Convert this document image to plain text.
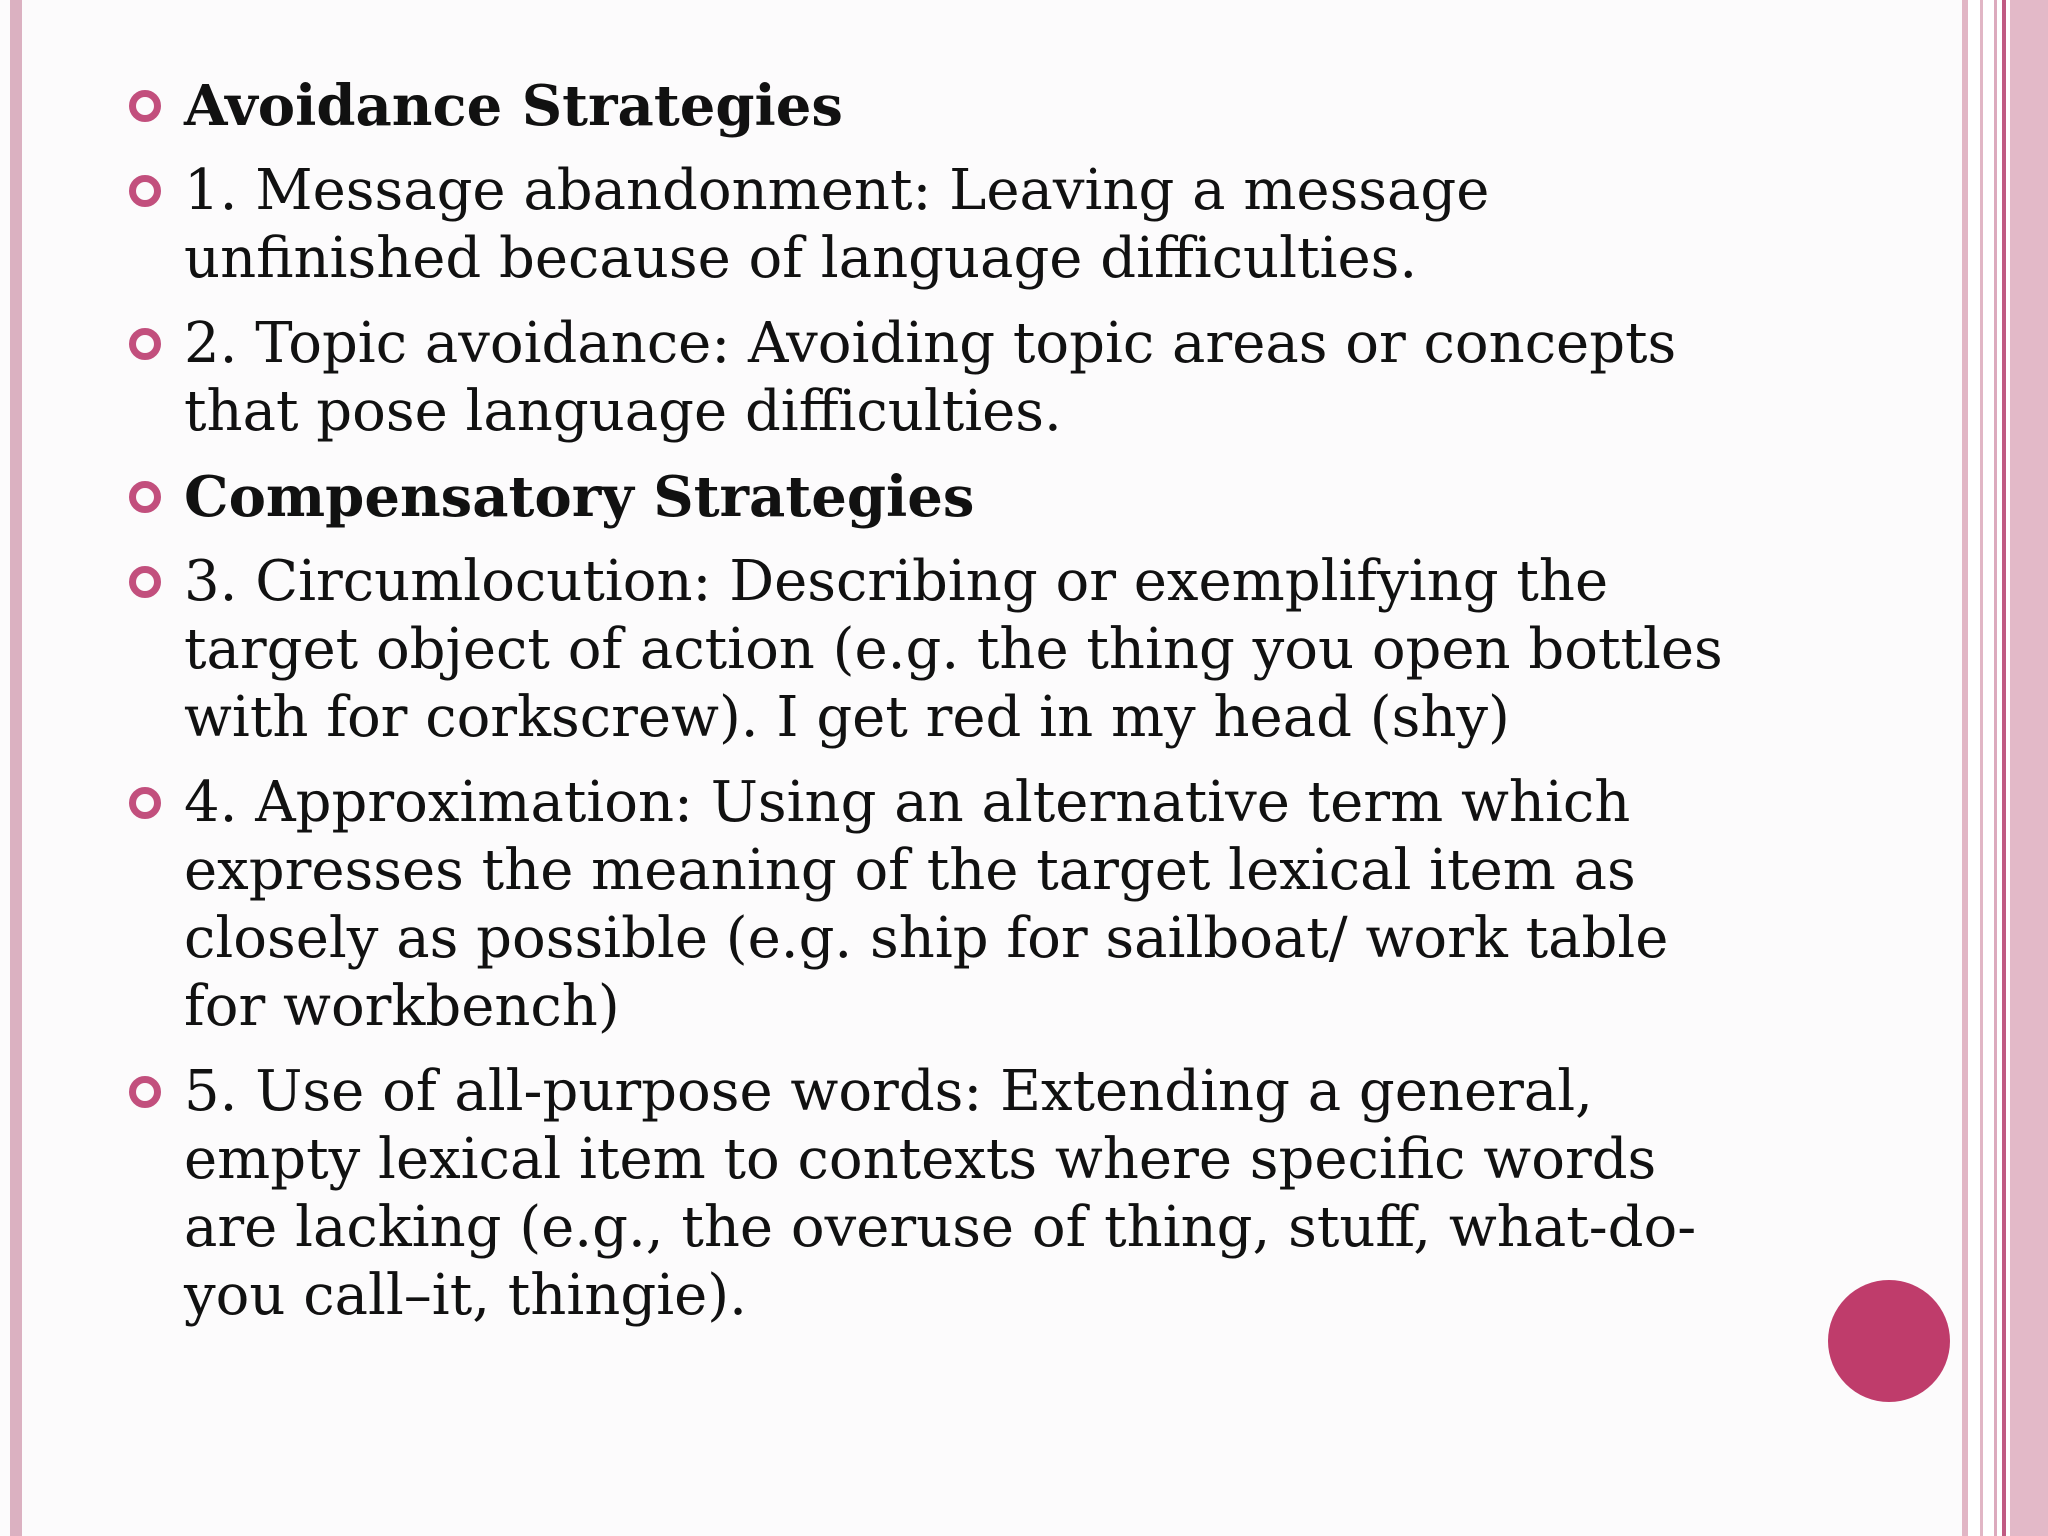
Avoidance Strategies
1. Message abandonment: Leaving a message
unfinished because of language difficulties.
2. Topic avoidance: Avoiding topic areas or concepts
that pose language difficulties.
Compensatory Strategies
3. Circumlocution: Describing or exemplifying the
target object of action (e.g. the thing you open bottles
with for corkscrew). I get red in my head (shy)
4. Approximation: Using an alternative term which
expresses the meaning of the target lexical item as
closely as possible (e.g. ship for sailboat/ work table
for workbench)
5. Use of all-purpose words: Extending a general,
empty lexical item to contexts where specific words
are lacking (e.g., the overuse of thing, stuff, what-do-
you call–it, thingie).
